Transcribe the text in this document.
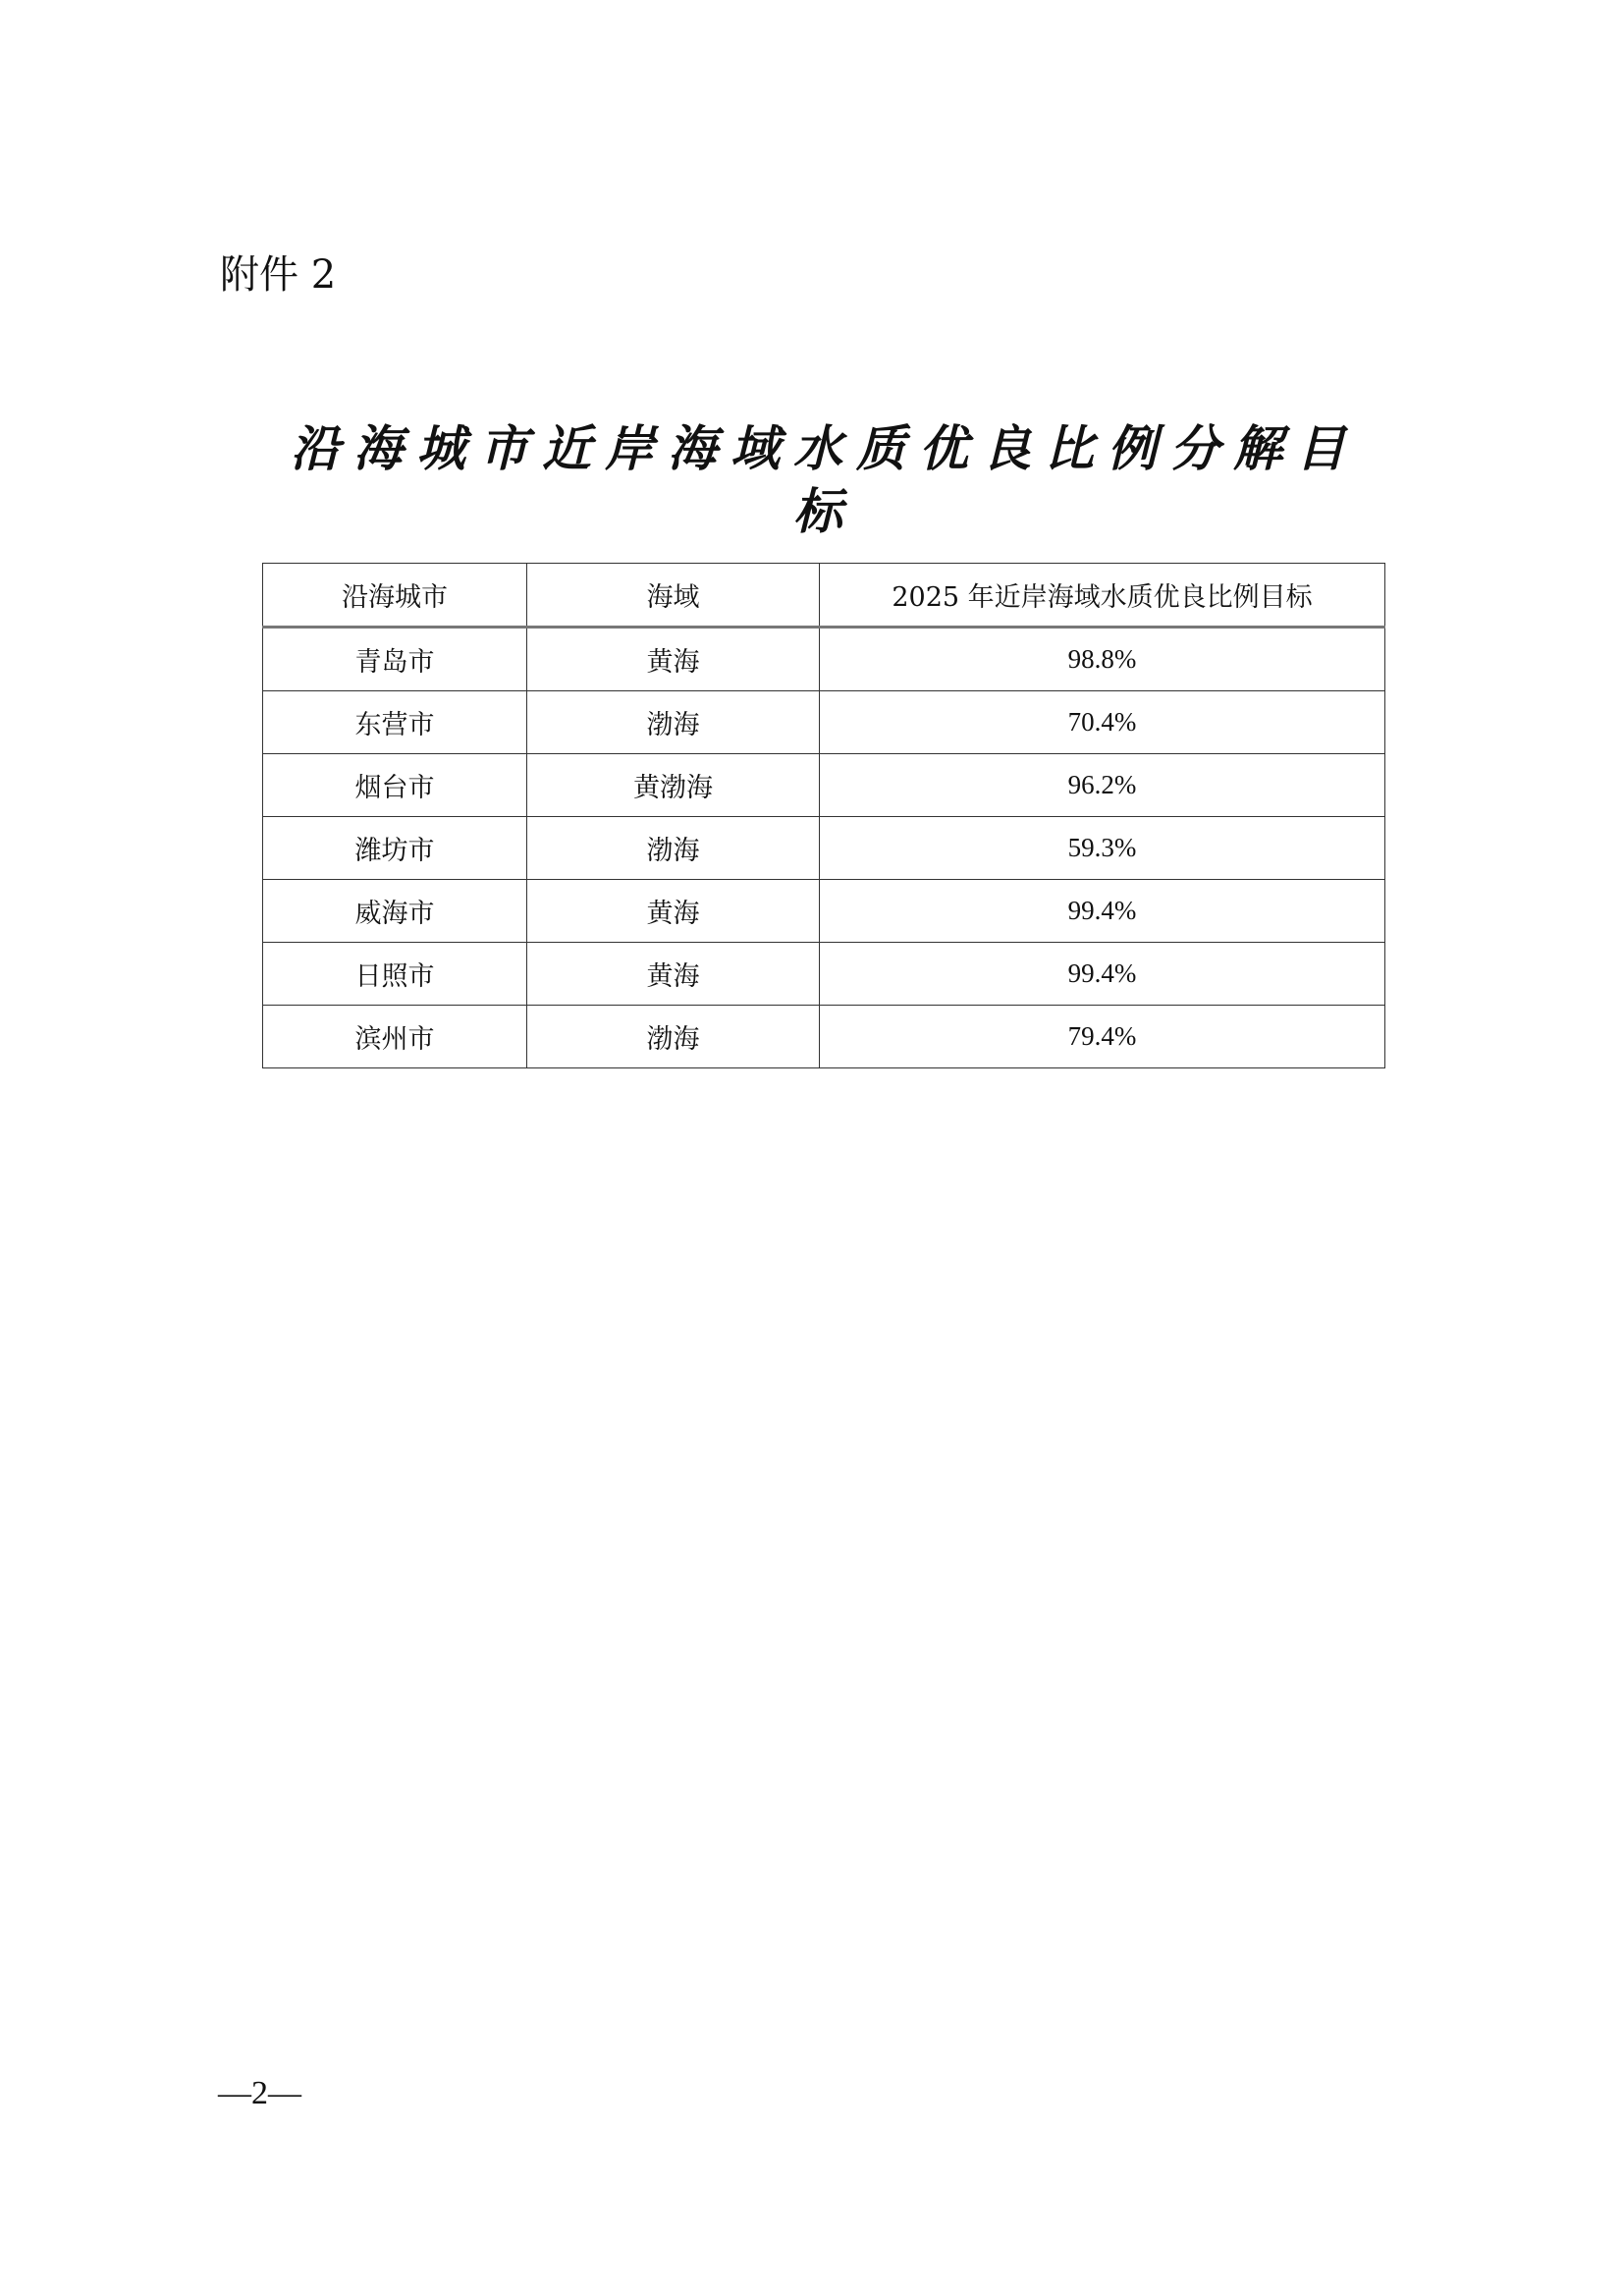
附件 2
沿海城市近岸海域水质优良比例分解目标
沿海城市	海域	2025 年近岸海域水质优良比例目标
青岛市	黄海	98.8%
东营市	渤海	70.4%
烟台市	黄渤海	96.2%
潍坊市	渤海	59.3%
威海市	黄海	99.4%
日照市	黄海	99.4%
滨州市	渤海	79.4%
—2—
